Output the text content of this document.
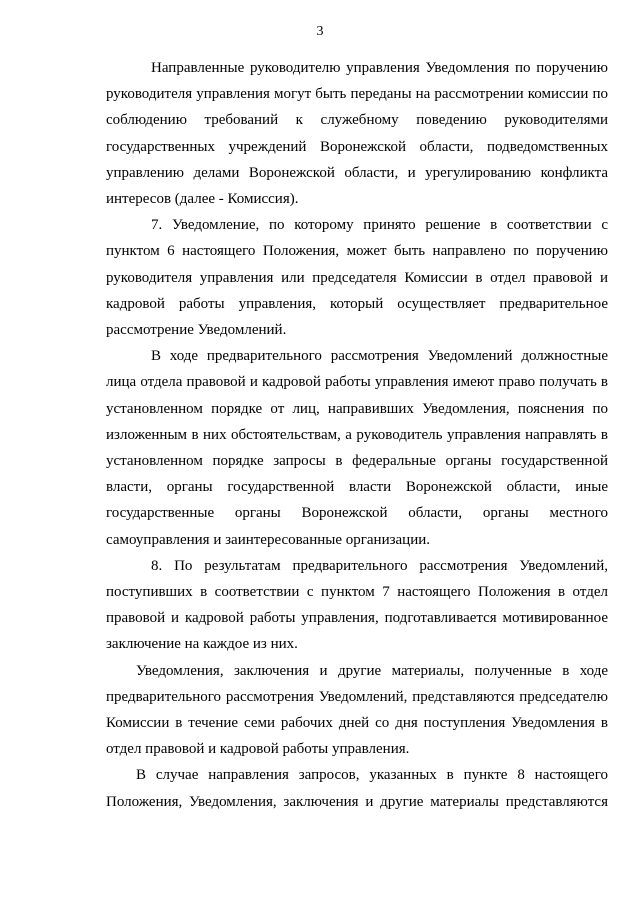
3

Направленные руководителю управления Уведомления по поручению руководителя управления могут быть переданы на рассмотрении комиссии по соблюдению требований к служебному поведению руководителями государственных учреждений Воронежской области, подведомственных управлению делами Воронежской области, и урегулированию конфликта интересов (далее - Комиссия).

7. Уведомление, по которому принято решение в соответствии с пунктом 6 настоящего Положения, может быть направлено по поручению руководителя управления или председателя Комиссии в отдел правовой и кадровой работы управления, который осуществляет предварительное рассмотрение Уведомлений.

В ходе предварительного рассмотрения Уведомлений должностные лица отдела правовой и кадровой работы управления имеют право получать в установленном порядке от лиц, направивших Уведомления, пояснения по изложенным в них обстоятельствам, а руководитель управления направлять в установленном порядке запросы в федеральные органы государственной власти, органы государственной власти Воронежской области, иные государственные органы Воронежской области, органы местного самоуправления и заинтересованные организации.

8. По результатам предварительного рассмотрения Уведомлений, поступивших в соответствии с пунктом 7 настоящего Положения в отдел правовой и кадровой работы управления, подготавливается мотивированное заключение на каждое из них.

Уведомления, заключения и другие материалы, полученные в ходе предварительного рассмотрения Уведомлений, представляются председателю Комиссии в течение семи рабочих дней со дня поступления Уведомления в отдел правовой и кадровой работы управления.

В случае направления запросов, указанных в пункте 8 настоящего Положения, Уведомления, заключения и другие материалы представляются
